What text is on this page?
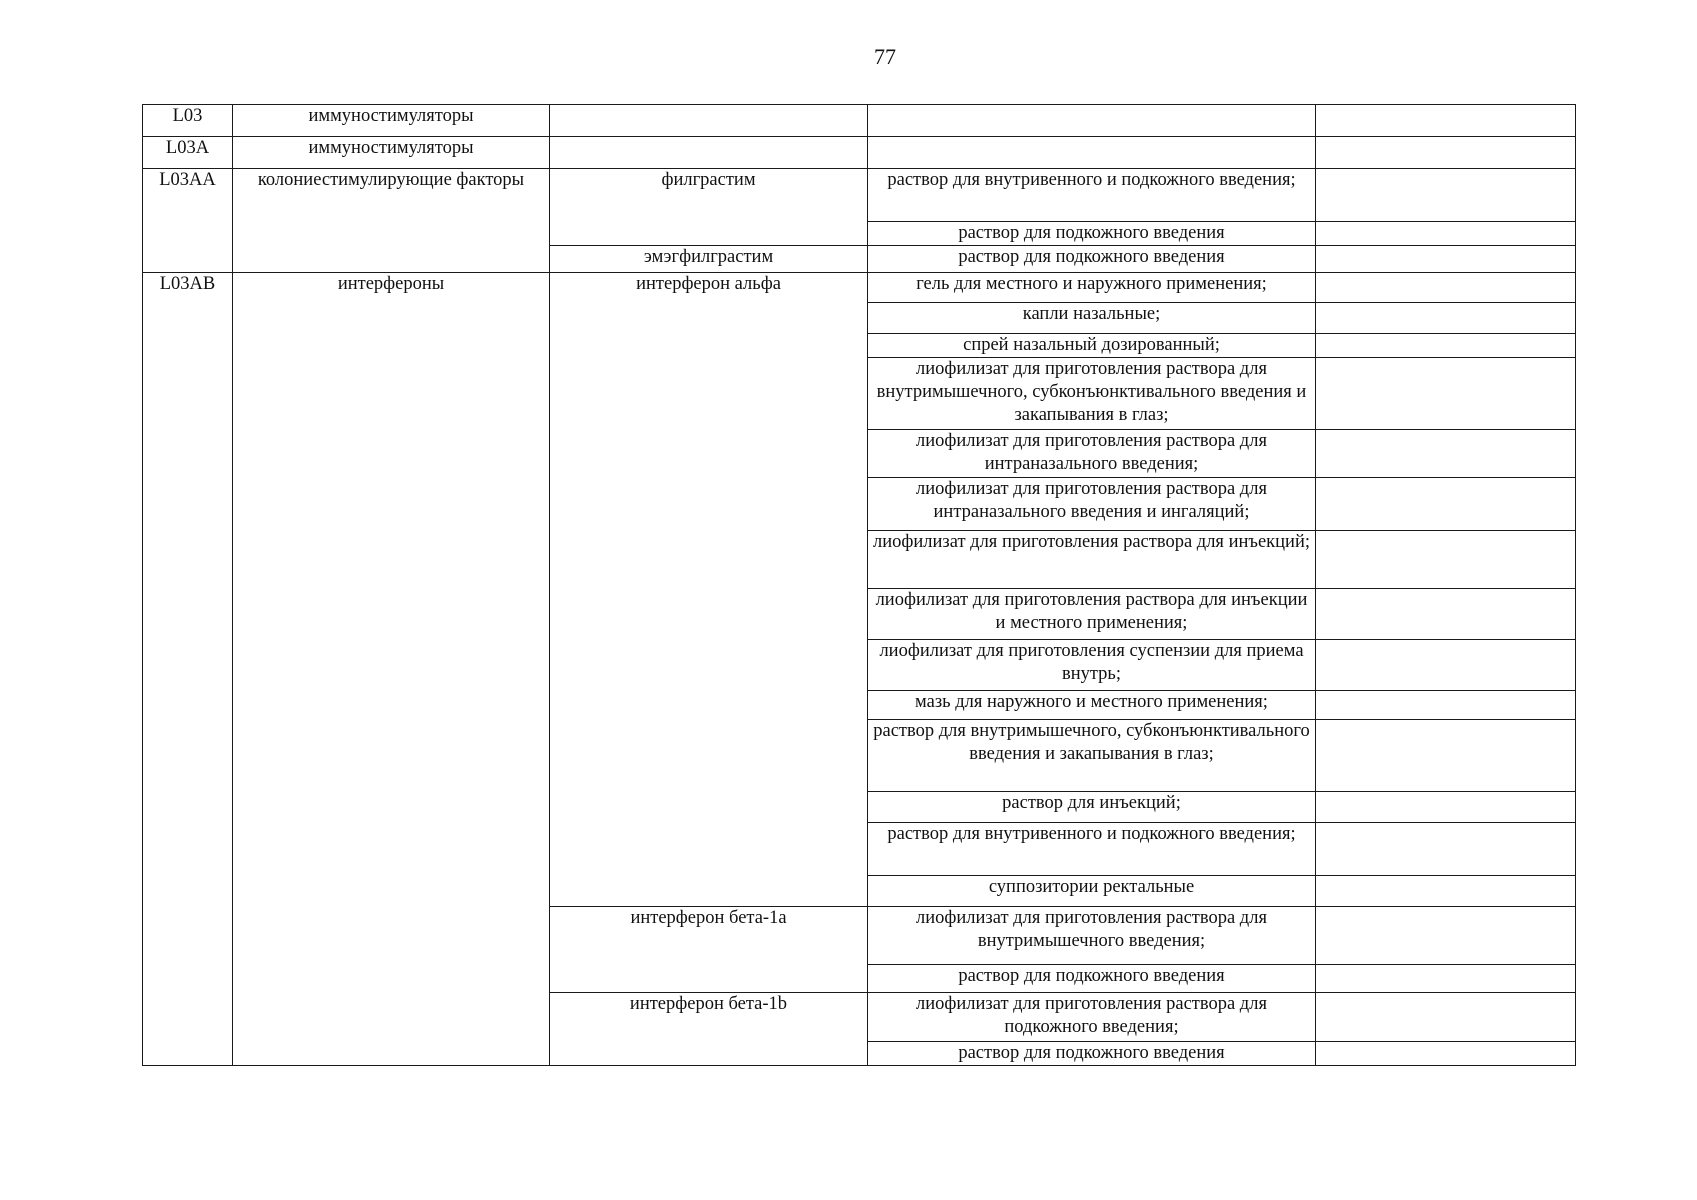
77
L03	иммуностимуляторы			
L03A	иммуностимуляторы			
L03AA	колониестимулирующие факторы	филграстим	раствор для внутривенного и подкожного введения;	
			раствор для подкожного введения	
		эмэгфилграстим	раствор для подкожного введения	
L03AB	интерфероны	интерферон альфа	гель для местного и наружного применения;	
			капли назальные;	
			спрей назальный дозированный;	
			лиофилизат для приготовления раствора для внутримышечного, субконъюнктивального введения и закапывания в глаз;	
			лиофилизат для приготовления раствора для интраназального введения;	
			лиофилизат для приготовления раствора для интраназального введения и ингаляций;	
			лиофилизат для приготовления раствора для инъекций;	
			лиофилизат для приготовления раствора для инъекции и местного применения;	
			лиофилизат для приготовления суспензии для приема внутрь;	
			мазь для наружного и местного применения;	
			раствор для внутримышечного, субконъюнктивального введения и закапывания в глаз;	
			раствор для инъекций;	
			раствор для внутривенного и подкожного введения;	
			суппозитории ректальные	
		интерферон бета-1a	лиофилизат для приготовления раствора для внутримышечного введения;	
			раствор для подкожного введения	
		интерферон бета-1b	лиофилизат для приготовления раствора для подкожного введения;	
			раствор для подкожного введения	
